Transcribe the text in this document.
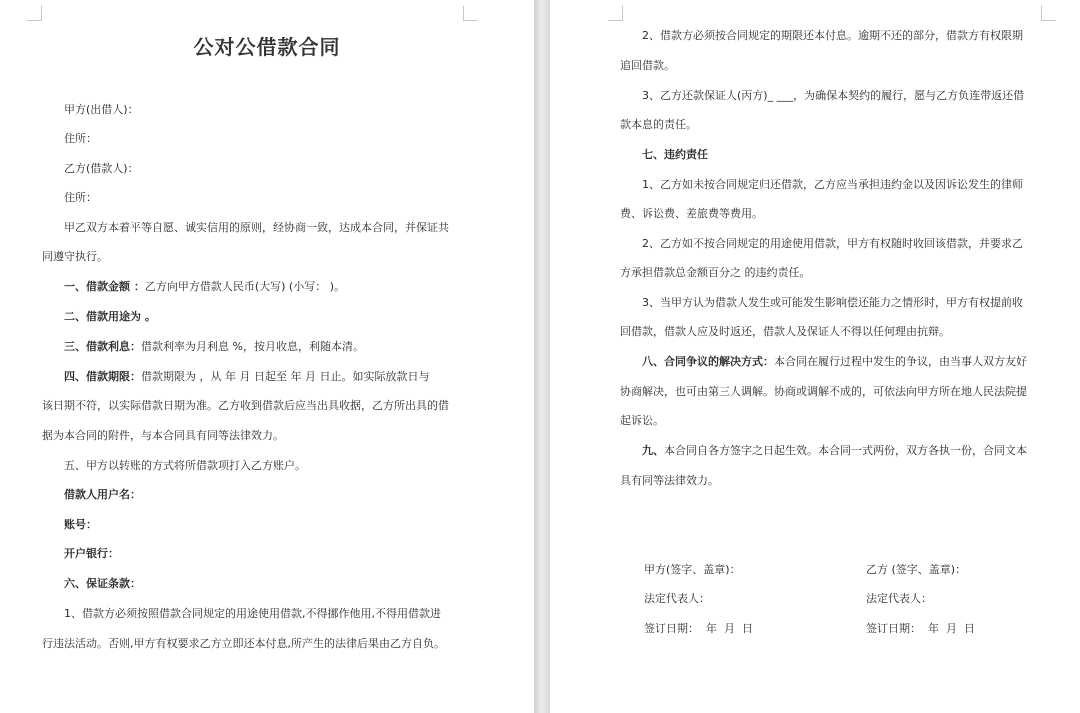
公对公借款合同
甲方(出借人)：
住所：
乙方(借款人)：
住所：
甲乙双方本着平等自愿、诚实信用的原则，经协商一致，达成本合同，并保证共
同遵守执行。
一、借款金额 ：乙方向甲方借款人民币(大写) (小写： )。
二、借款用途为 。
三、借款利息：借款利率为月利息 %，按月收息，利随本清。
四、借款期限：借款期限为 ，从 年 月 日起至 年 月 日止。如实际放款日与
该日期不符，以实际借款日期为准。乙方收到借款后应当出具收据，乙方所出具的借
据为本合同的附件，与本合同具有同等法律效力。
五、甲方以转账的方式将所借款项打入乙方账户。
借款人用户名：
账号：
开户银行：
六、保证条款：
1、借款方必须按照借款合同规定的用途使用借款,不得挪作他用,不得用借款进
行违法活动。否则,甲方有权要求乙方立即还本付息,所产生的法律后果由乙方自负。
2、借款方必须按合同规定的期限还本付息。逾期不还的部分，借款方有权限期
追回借款。
3、乙方还款保证人(丙方)_ ___，为确保本契约的履行，愿与乙方负连带返还借
款本息的责任。
七、违约责任
1、乙方如未按合同规定归还借款，乙方应当承担违约金以及因诉讼发生的律师
费、诉讼费、差旅费等费用。
2、乙方如不按合同规定的用途使用借款，甲方有权随时收回该借款，并要求乙
方承担借款总金额百分之 的违约责任。
3、当甲方认为借款人发生或可能发生影响偿还能力之情形时，甲方有权提前收
回借款，借款人应及时返还，借款人及保证人不得以任何理由抗辩。
八、合同争议的解决方式：本合同在履行过程中发生的争议，由当事人双方友好
协商解决，也可由第三人调解。协商或调解不成的，可依法向甲方所在地人民法院提
起诉讼。
九、本合同自各方签字之日起生效。本合同一式两份，双方各执一份，合同文本
具有同等法律效力。
甲方(签字、盖章)：	乙方 (签字、盖章)：
法定代表人：	法定代表人：
签订日期：  年  月  日	签订日期：  年  月  日
